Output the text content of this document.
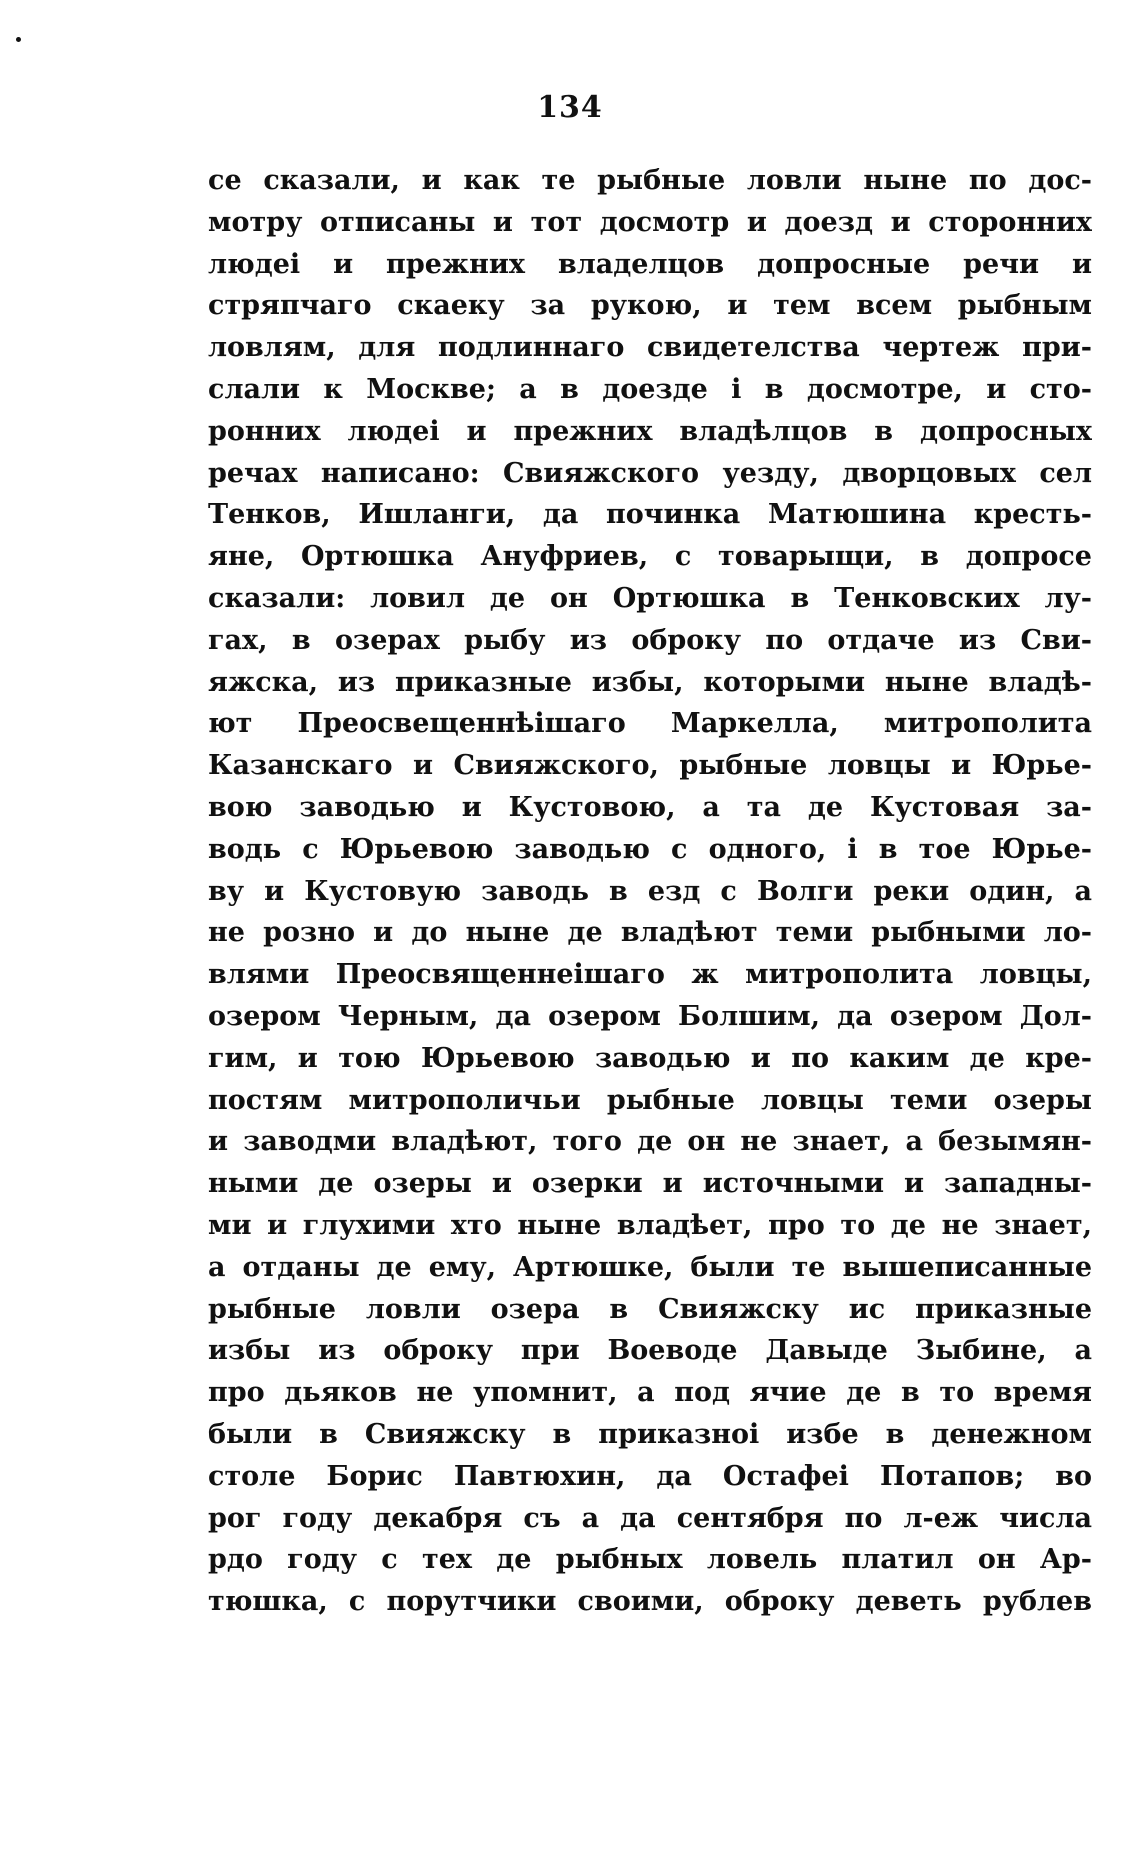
134
се сказали, и как те рыбные ловли ныне по дос-
мотру отписаны и тот досмотр и доезд и сторонних
людеі и прежних владелцов допросные речи и
стряпчаго скаеку за рукою, и тем всем рыбным
ловлям, для подлиннаго свидетелства чертеж при-
слали к Москве; а в доезде і в досмотре, и сто-
ронних людеі и прежних владѣлцов в допросных
речах написано: Свияжского уезду, дворцовых сел
Тенков, Ишланги, да починка Матюшина кресть-
яне, Ортюшка Ануфриев, с товарыщи, в допросе
сказали: ловил де он Ортюшка в Тенковских лу-
гах, в озерах рыбу из оброку по отдаче из Сви-
яжска, из приказные избы, которыми ныне владѣ-
ют Преосвещеннѣішаго Маркелла, митрополита
Казанскаго и Свияжского, рыбные ловцы и Юрье-
вою заводью и Кустовою, а та де Кустовая за-
водь с Юрьевою заводью с одного, і в тое Юрье-
ву и Кустовую заводь в езд с Волги реки один, а
не розно и до ныне де владѣют теми рыбными ло-
влями Преосвященнеішаго ж митрополита ловцы,
озером Черным, да озером Болшим, да озером Дол-
гим, и тою Юрьевою заводью и по каким де кре-
постям митрополичьи рыбные ловцы теми озеры
и заводми владѣют, того де он не знает, а безымян-
ными де озеры и озерки и источными и западны-
ми и глухими хто ныне владѣет, про то де не знает,
а отданы де ему, Артюшке, были те вышеписанные
рыбные ловли озера в Свияжску ис приказные
избы из оброку при Воеводе Давыде Зыбине, а
про дьяков не упомнит, а под ячие де в то время
были в Свияжску в приказноі избе в денежном
столе Борис Павтюхин, да Остафеі Потапов; во
рог году декабря съ а да сентября по л-еж числа
рдо году с тех де рыбных ловель платил он Ар-
тюшка, с порутчики своими, оброку деветь рублев
